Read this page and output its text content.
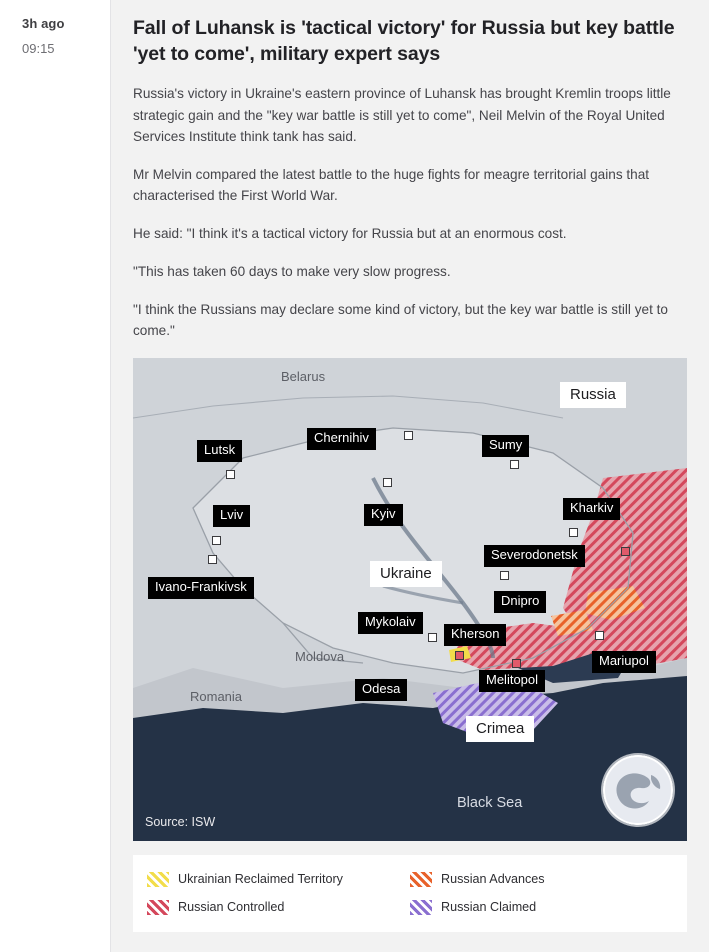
3h ago
09:15
Fall of Luhansk is 'tactical victory' for Russia but key battle 'yet to come', military expert says

Russia's victory in Ukraine's eastern province of Luhansk has brought Kremlin troops little strategic gain and the "key war battle is still yet to come", Neil Melvin of the Royal United Services Institute think tank has said.

Mr Melvin compared the latest battle to the huge fights for meagre territorial gains that characterised the First World War.

He said: "I think it's a tactical victory for Russia but at an enormous cost.

"This has taken 60 days to make very slow progress.

"I think the Russians may declare some kind of victory, but the key war battle is still yet to come."

Belarus
Moldova
Romania
Black Sea
Russia
Ukraine
Crimea
Lutsk
Chernihiv	Sumy
Lviv	Kyiv	Kharkiv
Severodonetsk
Ivano-Frankivsk
Dnipro
Mykolaiv
Kherson
Mariupol
Melitopol
Odesa
Source: ISW
Ukrainian Reclaimed Territory	Russian Advances
Russian Controlled	Russian Claimed
